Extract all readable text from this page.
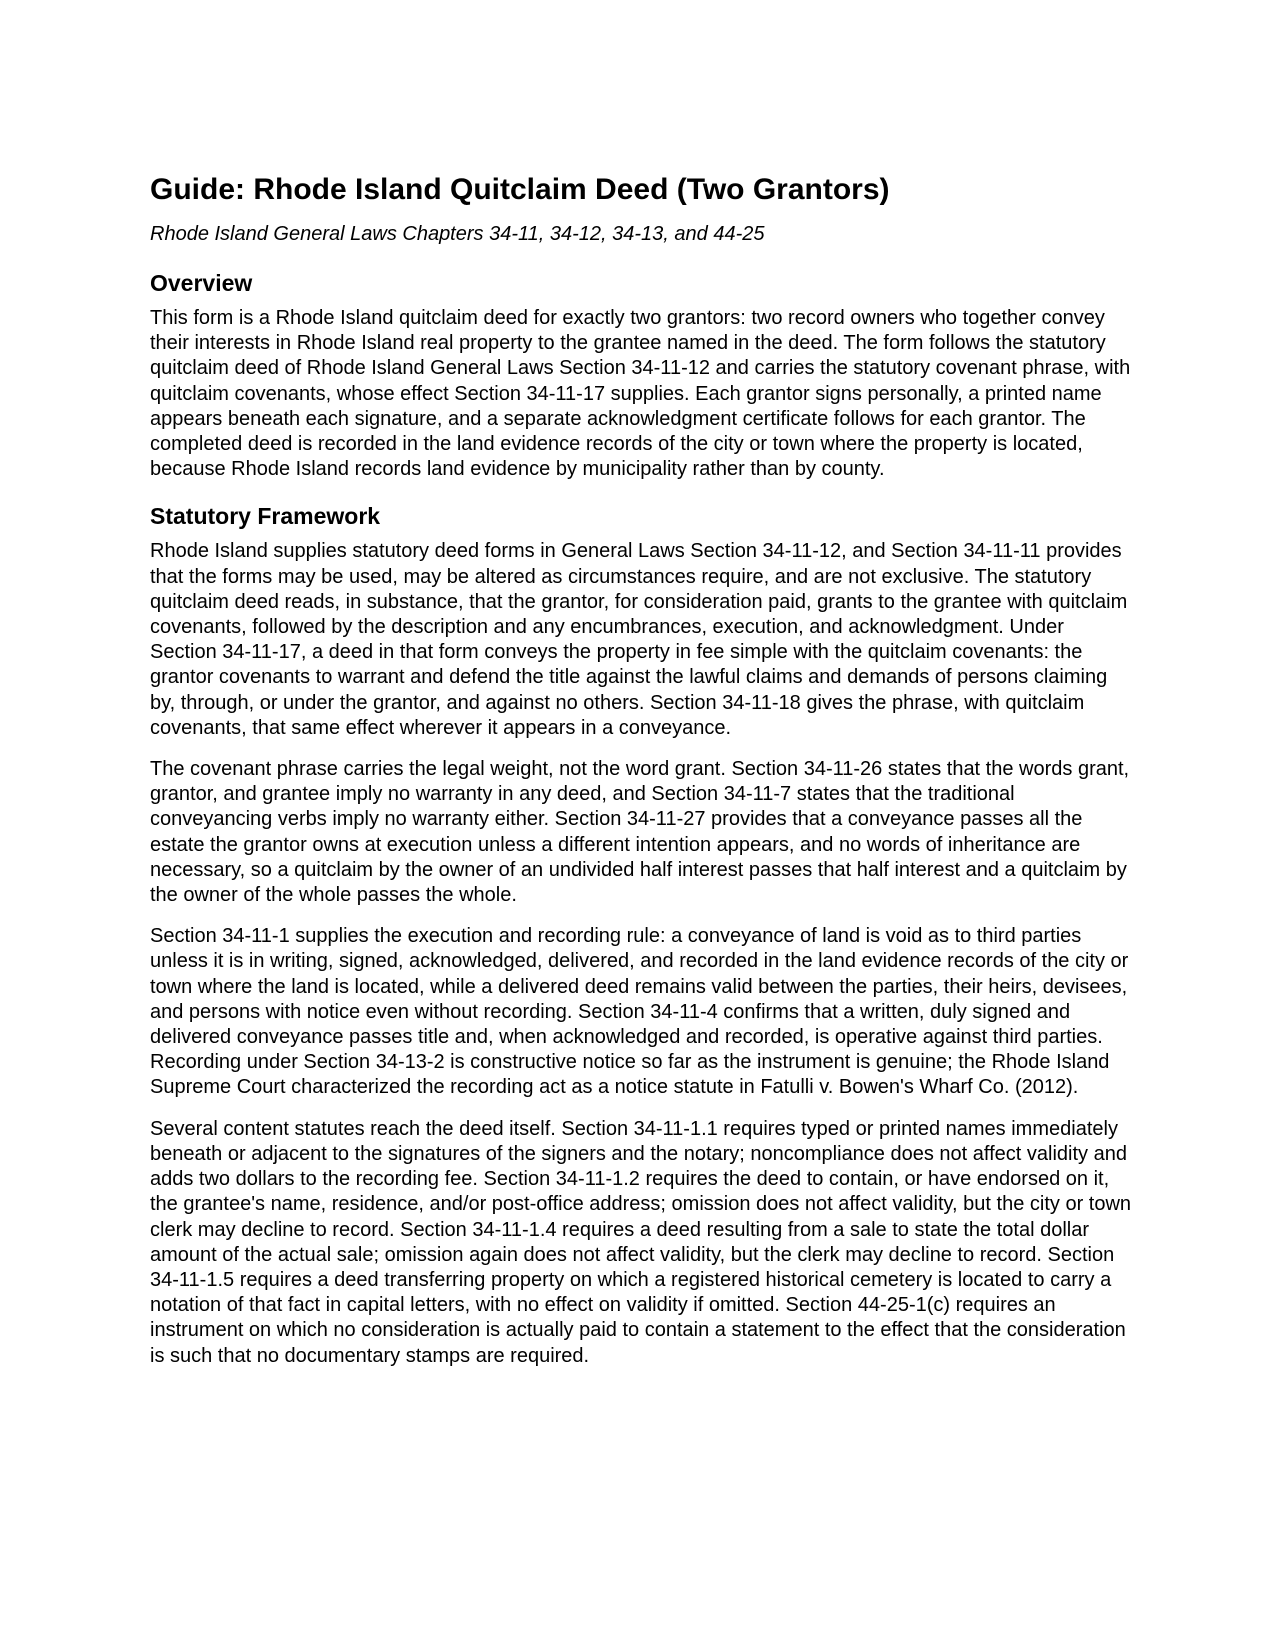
Guide: Rhode Island Quitclaim Deed (Two Grantors)

Rhode Island General Laws Chapters 34-11, 34-12, 34-13, and 44-25

Overview

This form is a Rhode Island quitclaim deed for exactly two grantors: two record owners who together convey their interests in Rhode Island real property to the grantee named in the deed. The form follows the statutory quitclaim deed of Rhode Island General Laws Section 34-11-12 and carries the statutory covenant phrase, with quitclaim covenants, whose effect Section 34-11-17 supplies. Each grantor signs personally, a printed name appears beneath each signature, and a separate acknowledgment certificate follows for each grantor. The completed deed is recorded in the land evidence records of the city or town where the property is located, because Rhode Island records land evidence by municipality rather than by county.

Statutory Framework

Rhode Island supplies statutory deed forms in General Laws Section 34-11-12, and Section 34-11-11 provides that the forms may be used, may be altered as circumstances require, and are not exclusive. The statutory quitclaim deed reads, in substance, that the grantor, for consideration paid, grants to the grantee with quitclaim covenants, followed by the description and any encumbrances, execution, and acknowledgment. Under Section 34-11-17, a deed in that form conveys the property in fee simple with the quitclaim covenants: the grantor covenants to warrant and defend the title against the lawful claims and demands of persons claiming by, through, or under the grantor, and against no others. Section 34-11-18 gives the phrase, with quitclaim covenants, that same effect wherever it appears in a conveyance.

The covenant phrase carries the legal weight, not the word grant. Section 34-11-26 states that the words grant, grantor, and grantee imply no warranty in any deed, and Section 34-11-7 states that the traditional conveyancing verbs imply no warranty either. Section 34-11-27 provides that a conveyance passes all the estate the grantor owns at execution unless a different intention appears, and no words of inheritance are necessary, so a quitclaim by the owner of an undivided half interest passes that half interest and a quitclaim by the owner of the whole passes the whole.

Section 34-11-1 supplies the execution and recording rule: a conveyance of land is void as to third parties unless it is in writing, signed, acknowledged, delivered, and recorded in the land evidence records of the city or town where the land is located, while a delivered deed remains valid between the parties, their heirs, devisees, and persons with notice even without recording. Section 34-11-4 confirms that a written, duly signed and delivered conveyance passes title and, when acknowledged and recorded, is operative against third parties. Recording under Section 34-13-2 is constructive notice so far as the instrument is genuine; the Rhode Island Supreme Court characterized the recording act as a notice statute in Fatulli v. Bowen's Wharf Co. (2012).

Several content statutes reach the deed itself. Section 34-11-1.1 requires typed or printed names immediately beneath or adjacent to the signatures of the signers and the notary; noncompliance does not affect validity and adds two dollars to the recording fee. Section 34-11-1.2 requires the deed to contain, or have endorsed on it, the grantee's name, residence, and/or post-office address; omission does not affect validity, but the city or town clerk may decline to record. Section 34-11-1.4 requires a deed resulting from a sale to state the total dollar amount of the actual sale; omission again does not affect validity, but the clerk may decline to record. Section 34-11-1.5 requires a deed transferring property on which a registered historical cemetery is located to carry a notation of that fact in capital letters, with no effect on validity if omitted. Section 44-25-1(c) requires an instrument on which no consideration is actually paid to contain a statement to the effect that the consideration is such that no documentary stamps are required.
